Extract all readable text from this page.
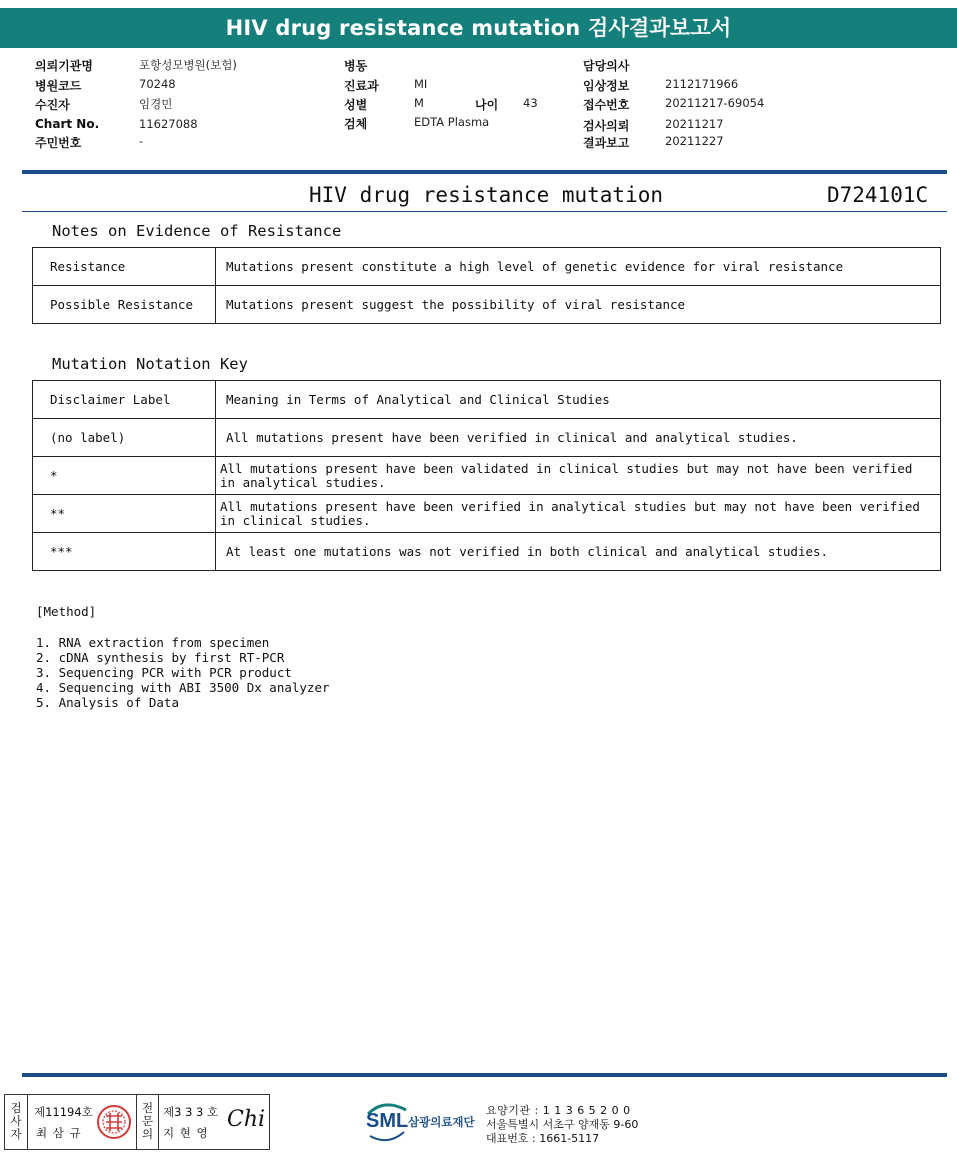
HIV drug resistance mutation 검사결과보고서
의뢰기관명	포항성모병원(보험)
병원코드	70248
수진자	임경민
Chart No.	11627088
주민번호	-
병동
진료과	MI
성별	M	나이 43
검체	EDTA Plasma
담당의사
임상정보	2112171966
접수번호	20211217-69054
검사의뢰	20211217
결과보고	20211227
HIV drug resistance mutation	D724101C
Notes on Evidence of Resistance
Resistance	Mutations present constitute a high level of genetic evidence for viral resistance
Possible Resistance	Mutations present suggest the possibility of viral resistance
Mutation Notation Key
Disclaimer Label	Meaning in Terms of Analytical and Clinical Studies
(no label)	All mutations present have been verified in clinical and analytical studies.
*	All mutations present have been validated in clinical studies but may not have been verified in analytical studies.
**	All mutations present have been verified in analytical studies but may not have been verified in clinical studies.
***	At least one mutations was not verified in both clinical and analytical studies.
[Method]
1. RNA extraction from specimen
2. cDNA synthesis by first RT-PCR
3. Sequencing PCR with PCR product
4. Sequencing with ABI 3500 Dx analyzer
5. Analysis of Data
검
사
자
제11194호
최 삼 규
전
문
의
제3 3 3 호
지 현 영
Chi	SML 삼광의료재단
요양기관 : 1 1 3 6 5 2 0 0
서울특별시 서초구 양재동 9-60
대표번호 : 1661-5117
